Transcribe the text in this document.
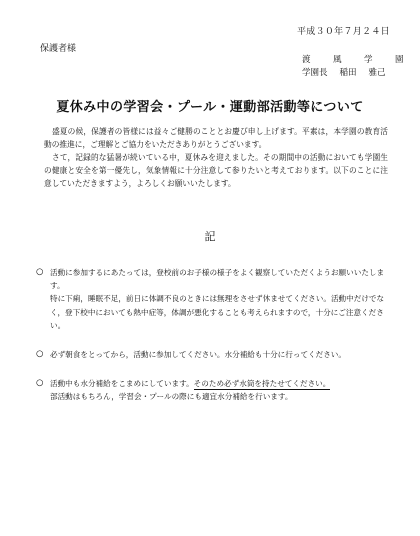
平成３０年７月２４日
保護者様
渡　風　学　園
学園長 稲田 雅己
夏休み中の学習会・プール・運動部活動等について

盛夏の候，保護者の皆様には益々ご健勝のこととお慶び申し上げます。平素は，本学園の教育活動の推進に，ご理解とご協力をいただきありがとうございます。

さて，記録的な猛暑が続いている中，夏休みを迎えました。その期間中の活動においても学園生の健康と安全を第一優先し，気象情報に十分注意して参りたいと考えております。以下のことに注意していただきますよう，よろしくお願いいたします。

記
○ 活動に参加するにあたっては，登校前のお子様の様子をよく観察していただくようお願いいたします。
特に下痢，睡眠不足，前日に体調不良のときには無理をさせず休ませてください。活動中だけでなく，登下校中においても熱中症等，体調が悪化することも考えられますので，十分にご注意ください。
○ 必ず朝食をとってから，活動に参加してください。水分補給も十分に行ってください。
○ 活動中も水分補給をこまめにしています。そのため必ず水筒を持たせてください。
部活動はもちろん，学習会・プールの際にも適宜水分補給を行います。
